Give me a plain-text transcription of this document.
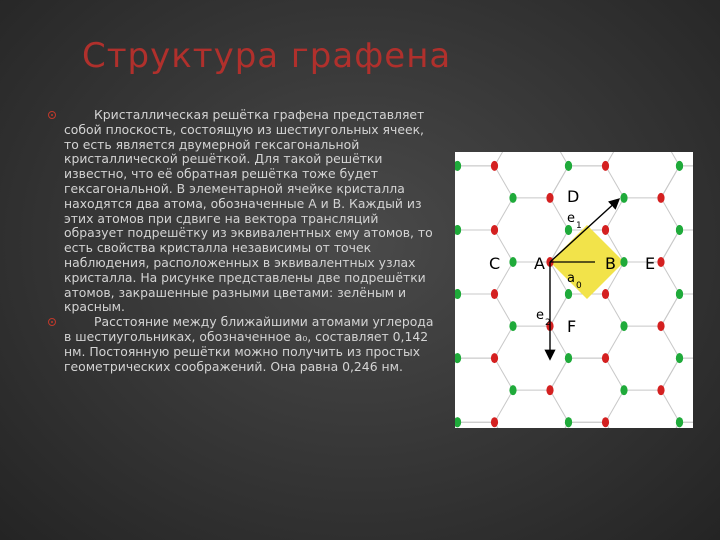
Структура графена
Кристаллическая решётка графена представляет собой плоскость, состоящую из шестиугольных ячеек, то есть является двумерной гексагональной кристаллической решёткой. Для такой решётки известно, что её обратная решётка тоже будет гексагональной. В элементарной ячейке кристалла находятся два атома, обозначенные A и B. Каждый из этих атомов при сдвиге на вектора трансляций образует подрешётку из эквивалентных ему атомов, то есть свойства кристалла независимы от точек наблюдения, расположенных в эквивалентных узлах кристалла. На рисунке представлены две подрешётки атомов, закрашенные разными цветами: зелёным и красным.
Расстояние между ближайшими атомами углерода в шестиугольниках, обозначенное a₀, составляет 0,142 нм. Постоянную решётки можно получить из простых геометрических соображений. Она равна 0,246 нм.
C A	B E
D
F
e 1
e 2
a 0
